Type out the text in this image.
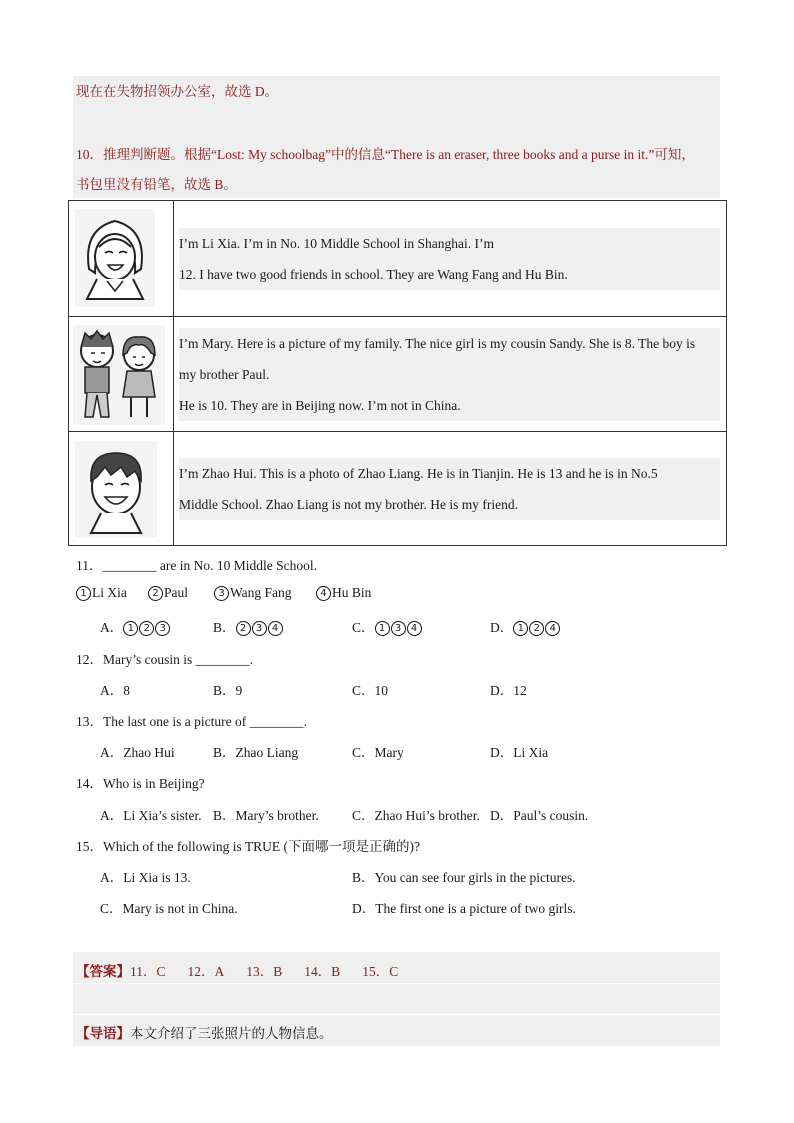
现在在失物招领办公室，故选 D。
10．推理判断题。根据“Lost: My schoolbag”中的信息“There is an eraser, three books and a purse in it.”可知，
书包里没有铅笔，故选 B。

I’m Li Xia. I’m in No. 10 Middle School in Shanghai. I’m

12. I have two good friends in school. They are Wang Fang and Hu Bin.

I’m Mary. Here is a picture of my family. The nice girl is my cousin Sandy. She is 8. The boy is

my brother Paul.

He is 10. They are in Beijing now. I’m not in China.

I’m Zhao Hui. This is a photo of Zhao Liang. He is in Tianjin. He is 13 and he is in No.5

Middle School. Zhao Liang is not my brother. He is my friend.

11．________ are in No. 10 Middle School.
1 Li Xia	2 Paul	3 Wang Fang	4 Hu Bin
A． 1 2 3	B． 2 3 4	C． 1 3 4	D． 1 2 4
12．Mary’s cousin is ________.
A．8	B．9	C．10	D．12
13．The last one is a picture of ________.
A．Zhao Hui	B．Zhao Liang	C．Mary	D．Li Xia
14．Who is in Beijing?
A．Li Xia’s sister. B．Mary’s brother. C．Zhao Hui’s brother. D．Paul’s cousin.
15．Which of the following is TRUE (下面哪一项是正确的)?
A．Li Xia is 13.	B．You can see four girls in the pictures.
C．Mary is not in China.	D．The first one is a picture of two girls.
【答案】11．C 12．A 13．B 14．B 15．C
【导语】本文介绍了三张照片的人物信息。
